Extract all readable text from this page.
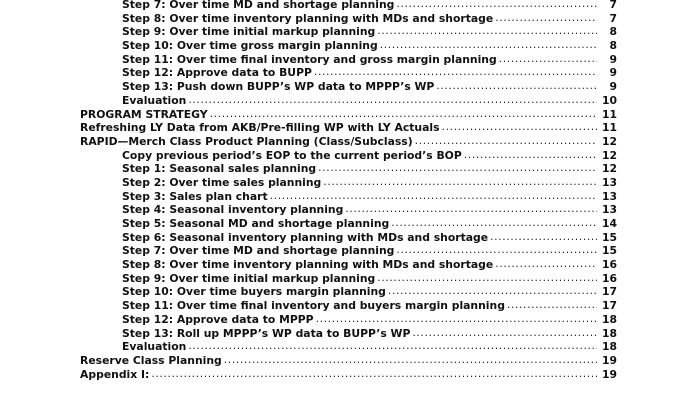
Step 7: Over time MD and shortage planning .....	7
Step 8: Over time inventory planning with MDs and shortage .....	7
Step 9: Over time initial markup planning .....	8
Step 10: Over time gross margin planning .....	8
Step 11: Over time final inventory and gross margin planning .....	9
Step 12: Approve data to BUPP .....	9
Step 13: Push down BUPP’s WP data to MPPP’s WP .....	9
Evaluation .....	10
PROGRAM STRATEGY .....	11
Refreshing LY Data from AKB/Pre-filling WP with LY Actuals .....	11
RAPID—Merch Class Product Planning (Class/Subclass) .....	12
Copy previous period’s EOP to the current period’s BOP .....	12
Step 1: Seasonal sales planning .....	12
Step 2: Over time sales planning .....	13
Step 3: Sales plan chart .....	13
Step 4: Seasonal inventory planning .....	13
Step 5: Seasonal MD and shortage planning .....	14
Step 6: Seasonal inventory planning with MDs and shortage .....	15
Step 7: Over time MD and shortage planning .....	15
Step 8: Over time inventory planning with MDs and shortage .....	16
Step 9: Over time initial markup planning .....	16
Step 10: Over time buyers margin planning .....	17
Step 11: Over time final inventory and buyers margin planning .....	17
Step 12: Approve data to MPPP .....	18
Step 13: Roll up MPPP’s WP data to BUPP’s WP .....	18
Evaluation .....	18
Reserve Class Planning .....	19
Appendix I: .....	19
